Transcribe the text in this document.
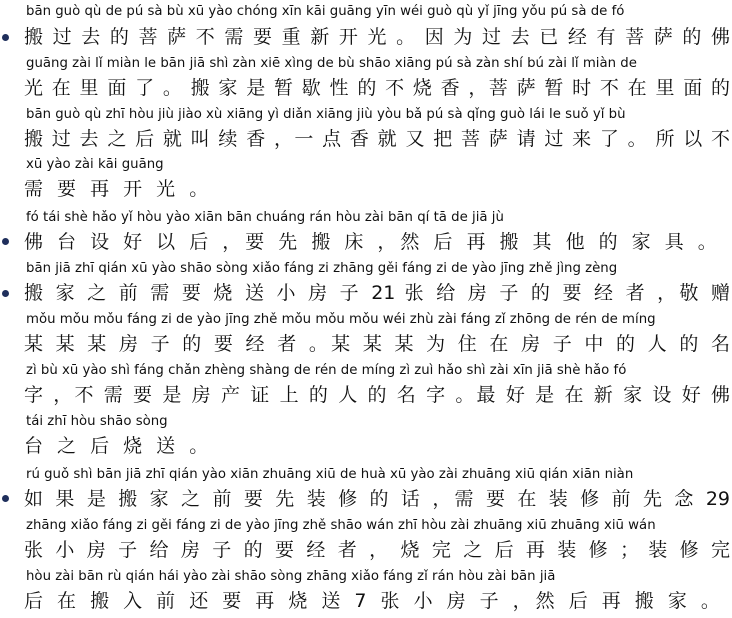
bān guò qù de pú sà bù xū yào chóng xīn kāi guāng yīn wéi guò qù yǐ jīng yǒu pú sà de fó
搬 过 去 的 菩 萨 不 需 要 重 新 开 光 。 因 为 过 去 已 经 有 菩 萨 的 佛
guāng zài lǐ miàn le bān jiā shì zàn xiē xìng de bù shāo xiāng pú sà zàn shí bú zài lǐ miàn de
光 在 里 面 了 。 搬 家 是 暂 歇 性 的 不 烧 香 ，菩 萨 暂 时 不 在 里 面 的
bān guò qù zhī hòu jiù jiào xù xiāng yì diǎn xiāng jiù yòu bǎ pú sà qǐng guò lái le suǒ yǐ bù
搬 过 去 之 后 就 叫 续 香 ，一 点 香 就 又 把 菩 萨 请 过 来 了 。 所 以 不
xū yào zài kāi guāng
需 要 再 开 光 。
fó tái shè hǎo yǐ hòu yào xiān bān chuáng rán hòu zài bān qí tā de jiā jù
佛 台 设 好 以 后 ，要 先 搬 床 ，然 后 再 搬 其 他 的 家 具 。
bān jiā zhī qián xū yào shāo sòng xiǎo fáng zi zhāng gěi fáng zi de yào jīng zhě jìng zèng
搬 家 之 前 需 要 烧 送 小 房 子 21 张 给 房 子 的 要 经 者 ，敬 赠
mǒu mǒu mǒu fáng zi de yào jīng zhě mǒu mǒu mǒu wéi zhù zài fáng zǐ zhōng de rén de míng
某 某 某 房 子 的 要 经 者 。某 某 某 为 住 在 房 子 中 的 人 的 名
zì bù xū yào shì fáng chǎn zhèng shàng de rén de míng zì zuì hǎo shì zài xīn jiā shè hǎo fó
字 ，不 需 要 是 房 产 证 上 的 人 的 名 字 。最 好 是 在 新 家 设 好 佛
tái zhī hòu shāo sòng
台 之 后 烧 送 。
rú guǒ shì bān jiā zhī qián yào xiān zhuāng xiū de huà xū yào zài zhuāng xiū qián xiān niàn
如 果 是 搬 家 之 前 要 先 装 修 的 话 ，需 要 在 装 修 前 先 念 29
zhāng xiǎo fáng zi gěi fáng zi de yào jīng zhě shāo wán zhī hòu zài zhuāng xiū zhuāng xiū wán
张 小 房 子 给 房 子 的 要 经 者 ， 烧 完 之 后 再 装 修 ； 装 修 完
hòu zài bān rù qián hái yào zài shāo sòng zhāng xiǎo fáng zǐ rán hòu zài bān jiā
后 在 搬 入 前 还 要 再 烧 送 7 张 小 房 子 ，然 后 再 搬 家 。
